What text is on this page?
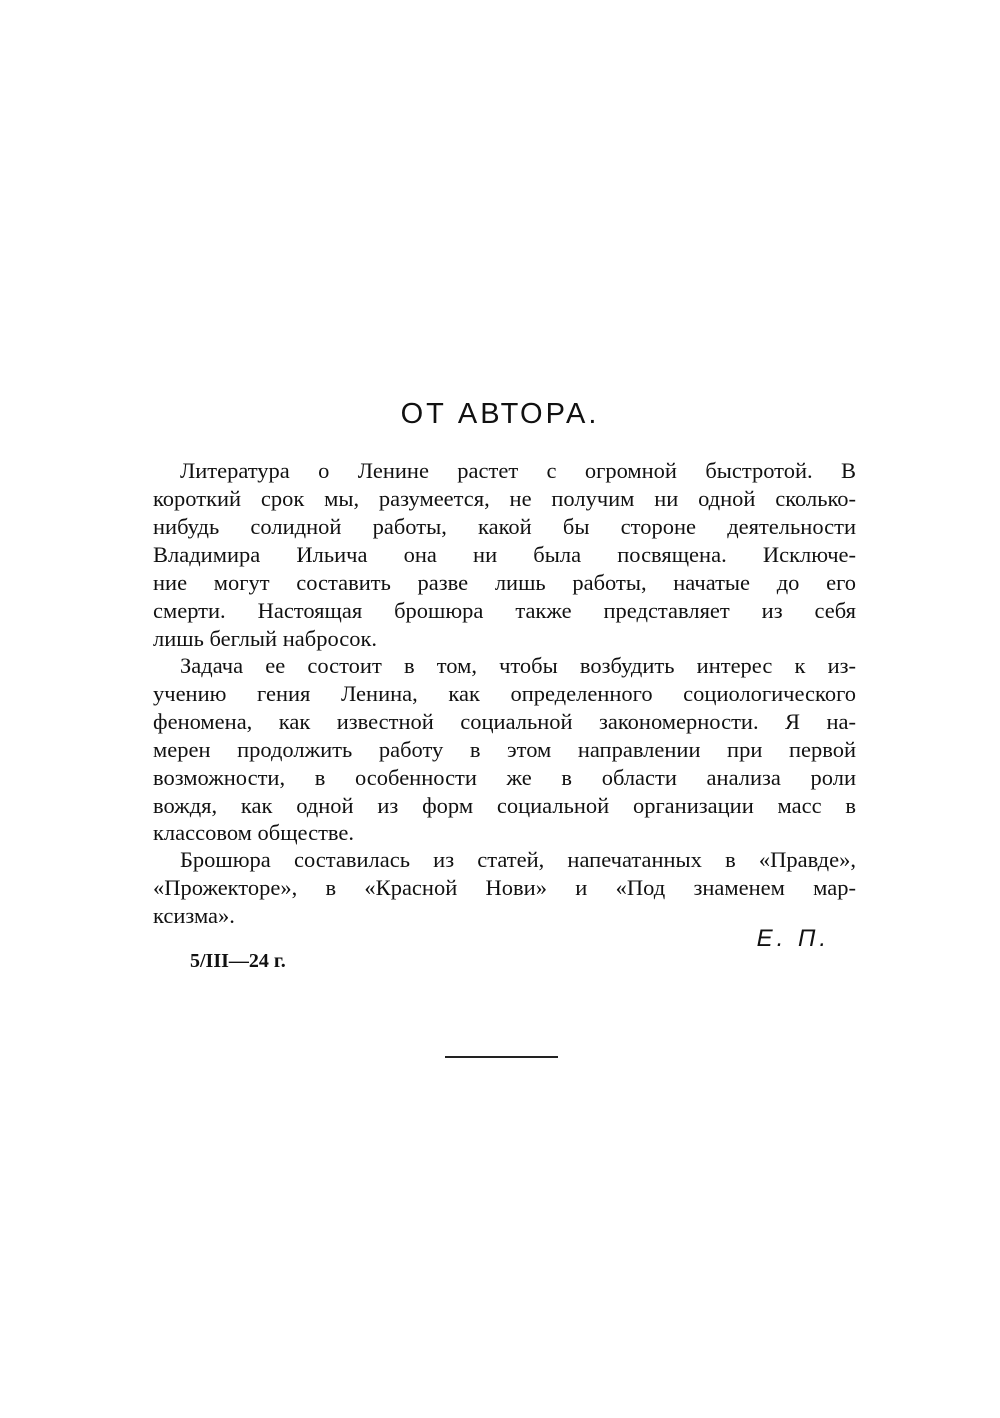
ОТ АВТОРА.

Литература о Ленине растет с огромной быстротой. В

короткий срок мы, разумеется, не получим ни одной сколько-

нибудь солидной работы, какой бы стороне деятельности

Владимира Ильича она ни была посвящена. Исключе-

ние могут составить разве лишь работы, начатые до его

смерти. Настоящая брошюра также представляет из себя

лишь беглый набросок.

Задача ее состоит в том, чтобы возбудить интерес к из-

учению гения Ленина, как определенного социологического

феномена, как известной социальной закономерности. Я на-

мерен продолжить работу в этом направлении при первой

возможности, в особенности же в области анализа роли

вождя, как одной из форм социальной организации масс в

классовом обществе.

Брошюра составилась из статей, напечатанных в «Правде»,

«Прожекторе», в «Красной Нови» и «Под знаменем мар-

ксизма».

Е. П.

5/III—24 г.
